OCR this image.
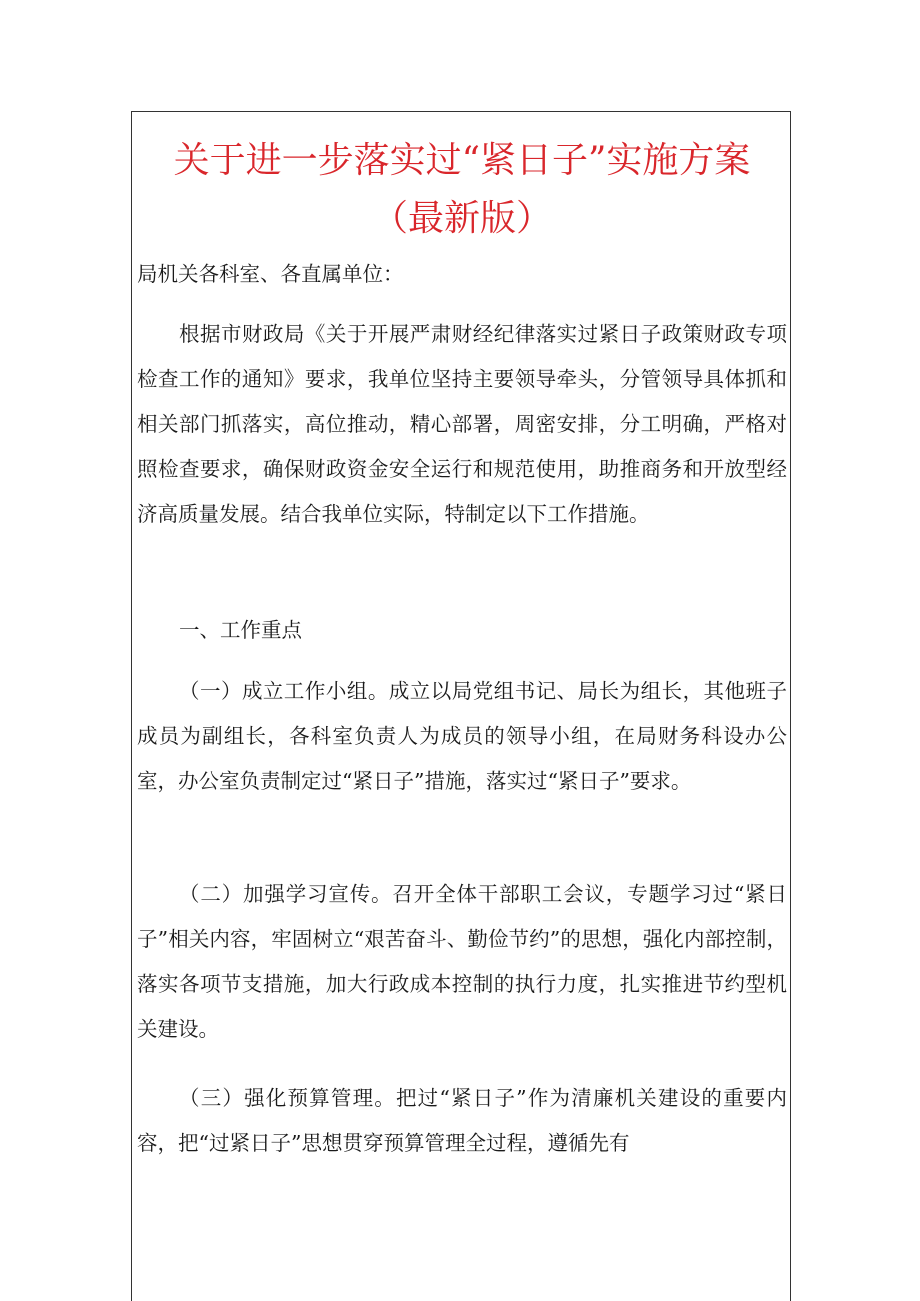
关于进一步落实过“紧日子”实施方案
（最新版）

局机关各科室、各直属单位：

根据市财政局《关于开展严肃财经纪律落实过紧日子政策财政专项检查工作的通知》要求，我单位坚持主要领导牵头，分管领导具体抓和相关部门抓落实，高位推动，精心部署，周密安排，分工明确，严格对照检查要求，确保财政资金安全运行和规范使用，助推商务和开放型经济高质量发展。结合我单位实际，特制定以下工作措施。

一、工作重点

（一）成立工作小组。成立以局党组书记、局长为组长，其他班子成员为副组长，各科室负责人为成员的领导小组，在局财务科设办公室，办公室负责制定过“紧日子”措施，落实过“紧日子”要求。

（二）加强学习宣传。召开全体干部职工会议，专题学习过“紧日子”相关内容，牢固树立“艰苦奋斗、勤俭节约”的思想，强化内部控制，落实各项节支措施，加大行政成本控制的执行力度，扎实推进节约型机关建设。

（三）强化预算管理。把过“紧日子”作为清廉机关建设的重要内容，把“过紧日子”思想贯穿预算管理全过程，遵循先有
